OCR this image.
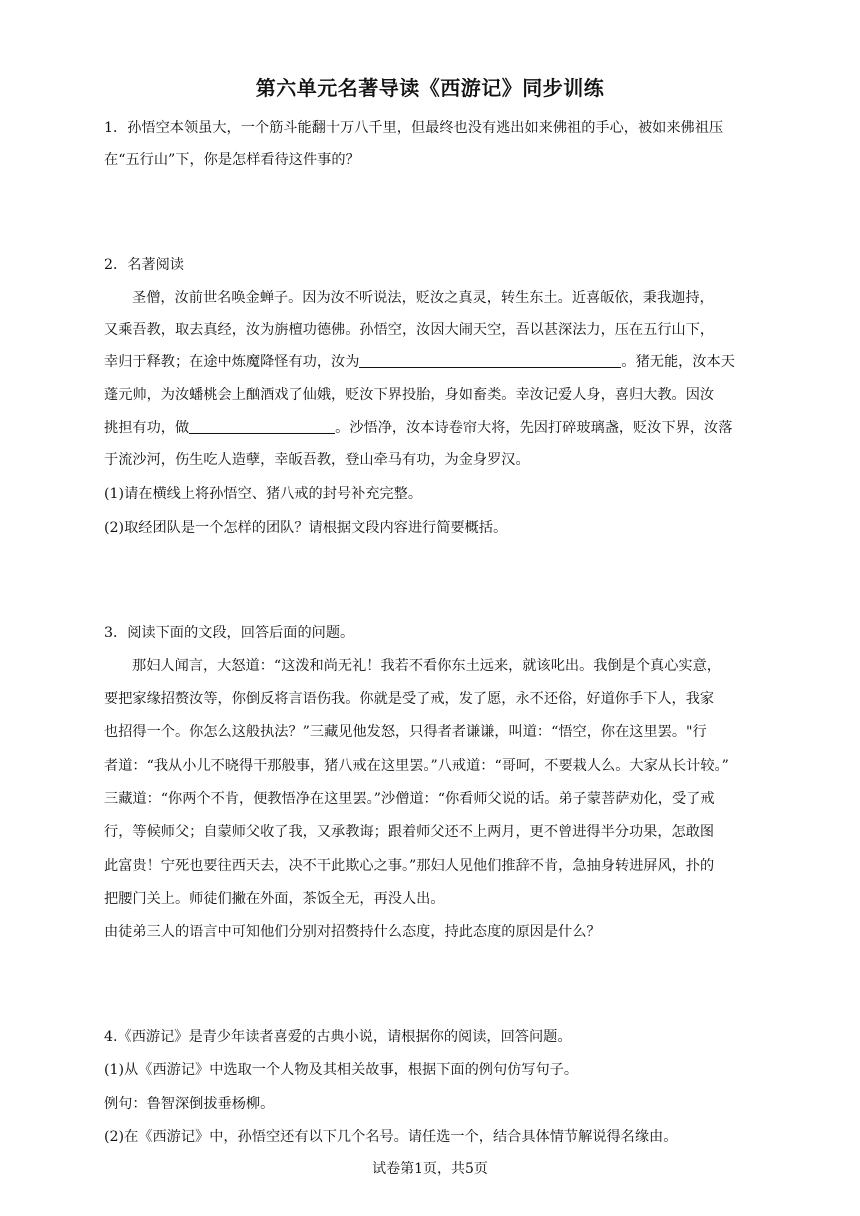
第六单元名著导读《西游记》同步训练
1．孙悟空本领虽大，一个筋斗能翻十万八千里，但最终也没有逃出如来佛祖的手心，被如来佛祖压
在“五行山”下，你是怎样看待这件事的？
2．名著阅读
圣僧，汝前世名唤金蝉子。因为汝不听说法，贬汝之真灵，转生东土。近喜皈依，秉我迦持，
又乘吾教，取去真经，汝为旃檀功德佛。孙悟空，汝因大闹天空，吾以甚深法力，压在五行山下，
幸归于释教；在途中炼魔降怪有功，汝为	。猪无能，汝本天
蓬元帅，为汝蟠桃会上酗酒戏了仙娥，贬汝下界投胎，身如畜类。幸汝记爱人身，喜归大教。因汝
挑担有功，做	。沙悟净，汝本诗卷帘大将，先因打碎玻璃盏，贬汝下界，汝落
于流沙河，伤生吃人造孽，幸皈吾教，登山牵马有功，为金身罗汉。
(1)请在横线上将孙悟空、猪八戒的封号补充完整。
(2)取经团队是一个怎样的团队？请根据文段内容进行简要概括。
3．阅读下面的文段，回答后面的问题。
那妇人闻言，大怒道：“这泼和尚无礼！我若不看你东土远来，就该叱出。我倒是个真心实意，
要把家缘招赘汝等，你倒反将言语伤我。你就是受了戒，发了愿，永不还俗，好道你手下人，我家
也招得一个。你怎么这般执法？”三藏见他发怒，只得者者谦谦，叫道：“悟空，你在这里罢。"行
者道：“我从小儿不晓得干那般事，猪八戒在这里罢。”八戒道：“哥呵，不要栽人么。大家从长计较。”
三藏道：“你两个不肯，便教悟净在这里罢。”沙僧道：“你看师父说的话。弟子蒙菩萨劝化，受了戒
行，等候师父；自蒙师父收了我，又承教诲；跟着师父还不上两月，更不曾进得半分功果，怎敢图
此富贵！宁死也要往西天去，决不干此欺心之事。”那妇人见他们推辞不肯，急抽身转进屏风，扑的
把腰门关上。师徒们撇在外面，茶饭全无，再没人出。
由徒弟三人的语言中可知他们分别对招赘持什么态度，持此态度的原因是什么？
4.《西游记》是青少年读者喜爱的古典小说，请根据你的阅读，回答问题。
(1)从《西游记》中选取一个人物及其相关故事，根据下面的例句仿写句子。
例句：鲁智深倒拔垂杨柳。
(2)在《西游记》中，孙悟空还有以下几个名号。请任选一个，结合具体情节解说得名缘由。
试卷第1页，共5页
